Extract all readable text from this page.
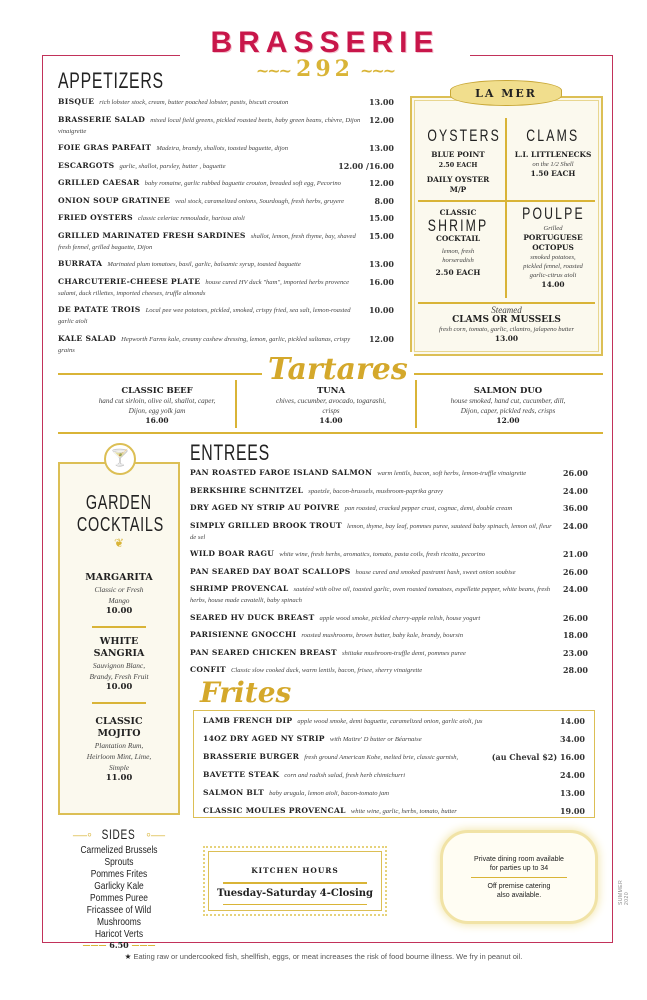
BRASSERIE
~~~ 292 ~~~
APPETIZERS
BISQUE rich lobster stock, cream, butter poached lobster, pastis, biscuit crouton	13.00
BRASSERIE SALAD mixed local field greens, pickled roasted beets, baby green beans, chèvre, Dijon vinaigrette
12.00
FOIE GRAS PARFAIT Madeira, brandy, shallots, toasted baguette, dijon	13.00
ESCARGOTS garlic, shallot, parsley, butter , baguette	12.00 /16.00
GRILLED CAESAR baby romaine, garlic rubbed baguette crouton, breaded soft egg, Pecorino	12.00
ONION SOUP GRATINEE veal stock, caramelized onions, Sourdough, fresh herbs, gruyere	8.00
FRIED OYSTERS classic celeriac remoulade, harissa aioli	15.00
GRILLED MARINATED FRESH SARDINES shallot, lemon, fresh thyme, bay, shaved fresh fennel, grilled baguette, Dijon
15.00
BURRATA Marinated plum tomatoes, basil, garlic, balsamic syrup, toasted baguette	13.00
CHARCUTERIE-CHEESE PLATE house cured HV duck "ham", imported herbs provence salami, duck rillettes, imported cheeses, truffle almonds
16.00
DE PATATE TROIS Local pee wee potatoes, pickled, smoked, crispy fried, sea salt, lemon-roasted garlic aioli
10.00
KALE SALAD Hepworth Farms kale, creamy cashew dressing, lemon, garlic, pickled sultanas, crispy grains
12.00
LA MER
OYSTERS
BLUE POINT
2.50 EACH
DAILY OYSTER
M/P
CLAMS
L.I. LITTLENECKS
on the 1/2 Shell
1.50 EACH
CLASSIC
SHRIMP
COCKTAIL
lemon, fresh horseradish
2.50 EACH
POULPE
Grilled
PORTUGUESE OCTOPUS
smoked potatoes, pickled fennel, roasted garlic-citrus aioli
14.00
Steamed
CLAMS OR MUSSELS
fresh corn, tomato, garlic, cilantro, jalapeno butter
13.00
Tartares
CLASSIC BEEF
hand cut sirloin, olive oil, shallot, caper, Dijon, egg yolk jam
16.00
TUNA
chives, cucumber, avocado, togarashi, crisps
14.00
SALMON DUO
house smoked, hand cut, cucumber, dill, Dijon, caper, pickled reds, crisps
12.00
ENTREES
PAN ROASTED FAROE ISLAND SALMON warm lentils, bacon, soft herbs, lemon-truffle vinaigrette	26.00
BERKSHIRE SCHNITZEL spaetzle, bacon-brussels, mushroom-paprika gravy	24.00
DRY AGED NY STRIP AU POIVRE pan roasted, cracked pepper crust, cognac, demi, double cream	36.00
SIMPLY GRILLED BROOK TROUT lemon, thyme, bay leaf, pommes puree, sauteed baby spinach, lemon oil, fleur de sel
24.00
WILD BOAR RAGU white wine, fresh herbs, aromatics, tomato, pasta coils, fresh ricotta, pecorino	21.00
PAN SEARED DAY BOAT SCALLOPS house cured and smoked pastrami hash, sweet onion soubise	26.00
SHRIMP PROVENCAL sautéed with olive oil, toasted garlic, oven roasted tomatoes, espellette pepper, white beans, fresh herbs, house made cavatelli, baby spinach
24.00
SEARED HV DUCK BREAST apple wood smoke, pickled cherry-apple relish, house yogurt	26.00
PARISIENNE GNOCCHI roasted mushrooms, brown butter, baby kale, brandy, boursin	18.00
PAN SEARED CHICKEN BREAST shiitake mushroom-truffle demi, pommes puree	23.00
CONFIT Classic slow cooked duck, warm lentils, bacon, frisee, sherry vinaigrette	28.00
GARDEN
COCKTAILS
❦
MARGARITA
Classic or Fresh Mango
10.00
WHITE SANGRIA
Sauvignon Blanc, Brandy, Fresh Fruit
10.00
CLASSIC MOJITO
Plantation Rum, Heirloom Mint, Lime, Simple
11.00
🍸
Frites
LAMB FRENCH DIP apple wood smoke, demi baguette, caramelized onion, garlic aioli, jus	14.00
14OZ DRY AGED NY STRIP with Maitre' D butter or Béarnaise	34.00
BRASSERIE BURGER fresh ground American Kobe, melted brie, classic garnish,	(au Cheval $2) 16.00
BAVETTE STEAK corn and radish salad, fresh herb chimichurri	24.00
SALMON BLT baby arugula, lemon aioli, bacon-tomato jam	13.00
CLASSIC MOULES PROVENCAL white wine, garlic, herbs, tomato, butter	19.00
—◦ SIDES ◦—
Carmelized Brussels Sprouts
Pommes Frites
Garlicky Kale
Pommes Puree
Fricassee of Wild Mushrooms
Haricot Verts
——— 6.50 ———
KITCHEN HOURS
Tuesday-Saturday 4-Closing
Private dining room available for parties up to 34
Off premise catering also available.
★ Eating raw or undercooked fish, shellfish, eggs, or meat increases the risk of food bourne illness. We fry in peanut oil.
SUMMER 2020
